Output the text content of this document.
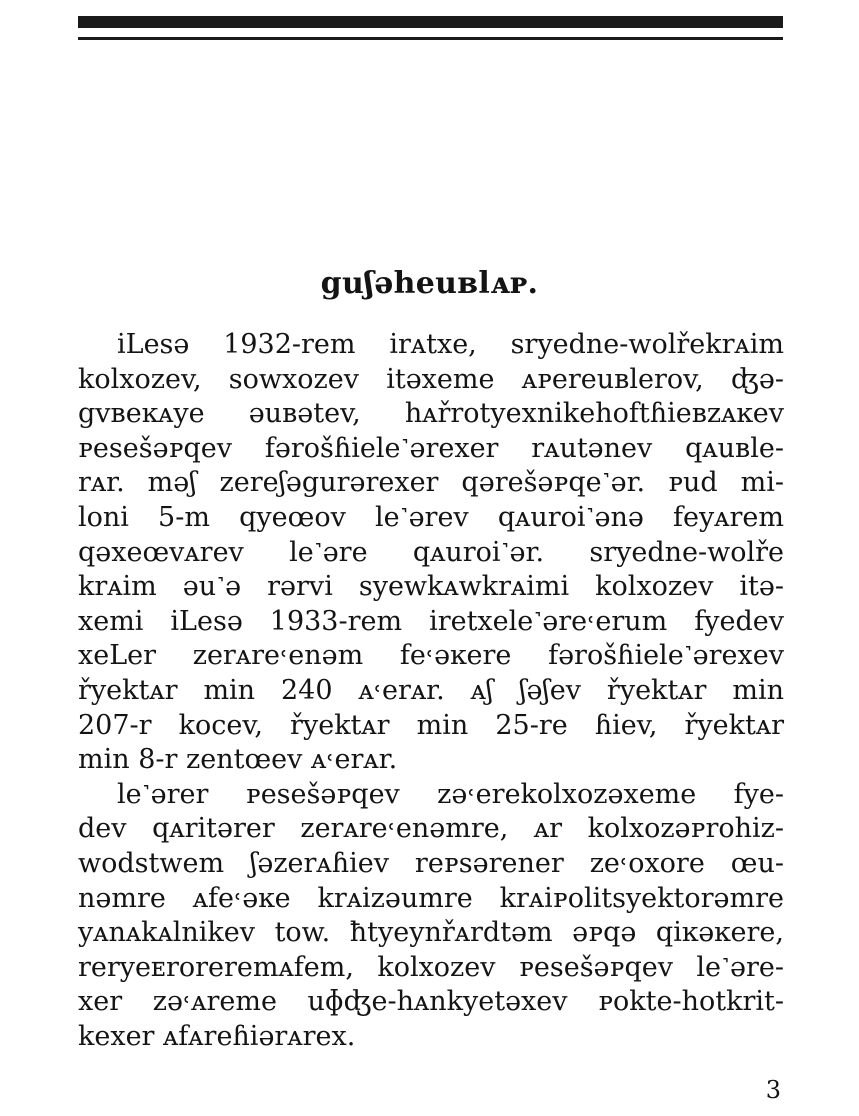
guʃəheuʙlᴀᴘ.
iLesə 1932-rem irᴀtxe, sryedne-wolřekrᴀim
kolxozev, sowxozev itəxeme ᴀᴘereuʙlerov, ʤə-
gvʙeĸᴀye əuʙətev, hᴀřrotyexnikehoftɦieʙzᴀĸev
ᴘesešəᴘqev fərošɦiele˺ərexer rᴀutənev qᴀuʙle-
rᴀr. məʃ zereʃəgurərexer qərešəᴘqe˺ər. ᴘud mi-
loni 5-m qyeœov le˺ərev qᴀuroi˺ənə feyᴀrem
qəxeœvᴀrev le˺əre qᴀuroi˺ər. sryedne-wolře
krᴀim əu˺ə rərvi syewkᴀwkrᴀimi kolxozev itə-
xemi iLesə 1933-rem iretxele˺əre˓erum fyedev
xeLer zerᴀre˓enəm fe˓əĸere fərošɦiele˺ərexev
řyektᴀr min 240 ᴀ˓erᴀr. ᴀʃ ʃəʃev řyektᴀr min
207-r kocev, řyektᴀr min 25-re ɦiev, řyektᴀr
min 8-r zentœev ᴀ˓erᴀr.
le˺ərer ᴘesešəᴘqev zə˓erekolxozəxeme fye-
dev qᴀritərer zerᴀre˓enəmre, ᴀr kolxozəᴘrohiz-
wodstwem ʃəzerᴀɦiev reᴘsərener ze˓oxore œu-
nəmre ᴀfe˓əĸe krᴀizəumre krᴀiᴘolitsyektorəmre
yᴀnᴀkᴀlnikev tow. ħtyeynřᴀrdtəm əᴘqə qiĸəĸere,
reryeᴇroreremᴀfem, kolxozev ᴘesešəᴘqev le˺əre-
xer zə˓ᴀreme uɸʤe-hᴀnkyetəxev ᴘokte-hotkrit-
kexer ᴀfᴀreɦiərᴀrex.
3
